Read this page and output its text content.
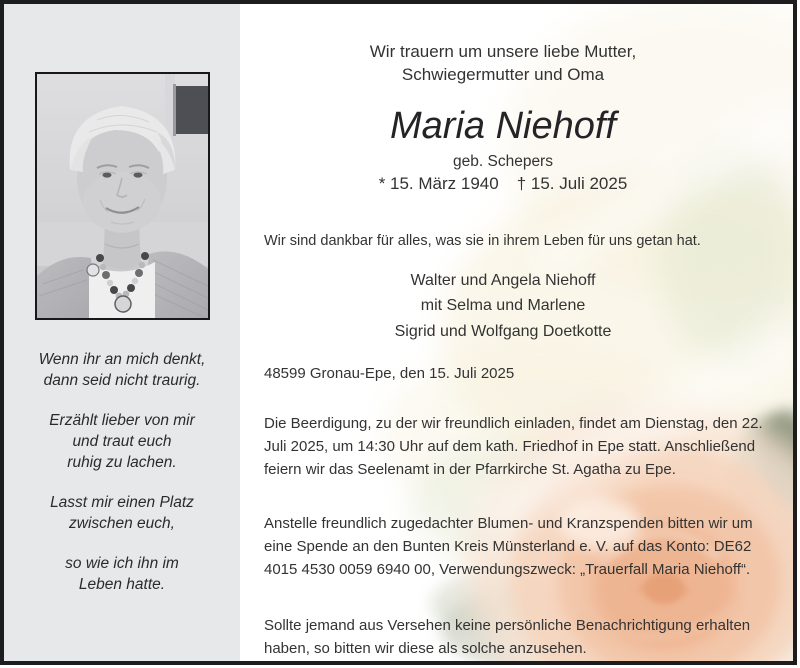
Wenn ihr an mich denkt,
dann seid nicht traurig.
Erzählt lieber von mir
und traut euch
ruhig zu lachen.
Lasst mir einen Platz
zwischen euch,
so wie ich ihn im
Leben hatte.
Wir trauern um unsere liebe Mutter,
Schwiegermutter und Oma
Maria Niehoff
geb. Schepers
* 15. März 1940 † 15. Juli 2025
Wir sind dankbar für alles, was sie in ihrem Leben für uns getan hat.
Walter und Angela Niehoff
mit Selma und Marlene
Sigrid und Wolfgang Doetkotte
48599 Gronau-Epe, den 15. Juli 2025

Die Beerdigung, zu der wir freundlich einladen, findet am Dienstag, den 22. Juli 2025, um 14:30 Uhr auf dem kath. Friedhof in Epe statt. Anschließend feiern wir das Seelenamt in der Pfarrkirche St. Agatha zu Epe.

Anstelle freundlich zugedachter Blumen- und Kranzspenden bitten wir um eine Spende an den Bunten Kreis Münsterland e. V. auf das Konto: DE62 4015 4530 0059 6940 00, Verwendungszweck: „Trauerfall Maria Niehoff“.

Sollte jemand aus Versehen keine persönliche Benachrichtigung erhalten haben, so bitten wir diese als solche anzusehen.
